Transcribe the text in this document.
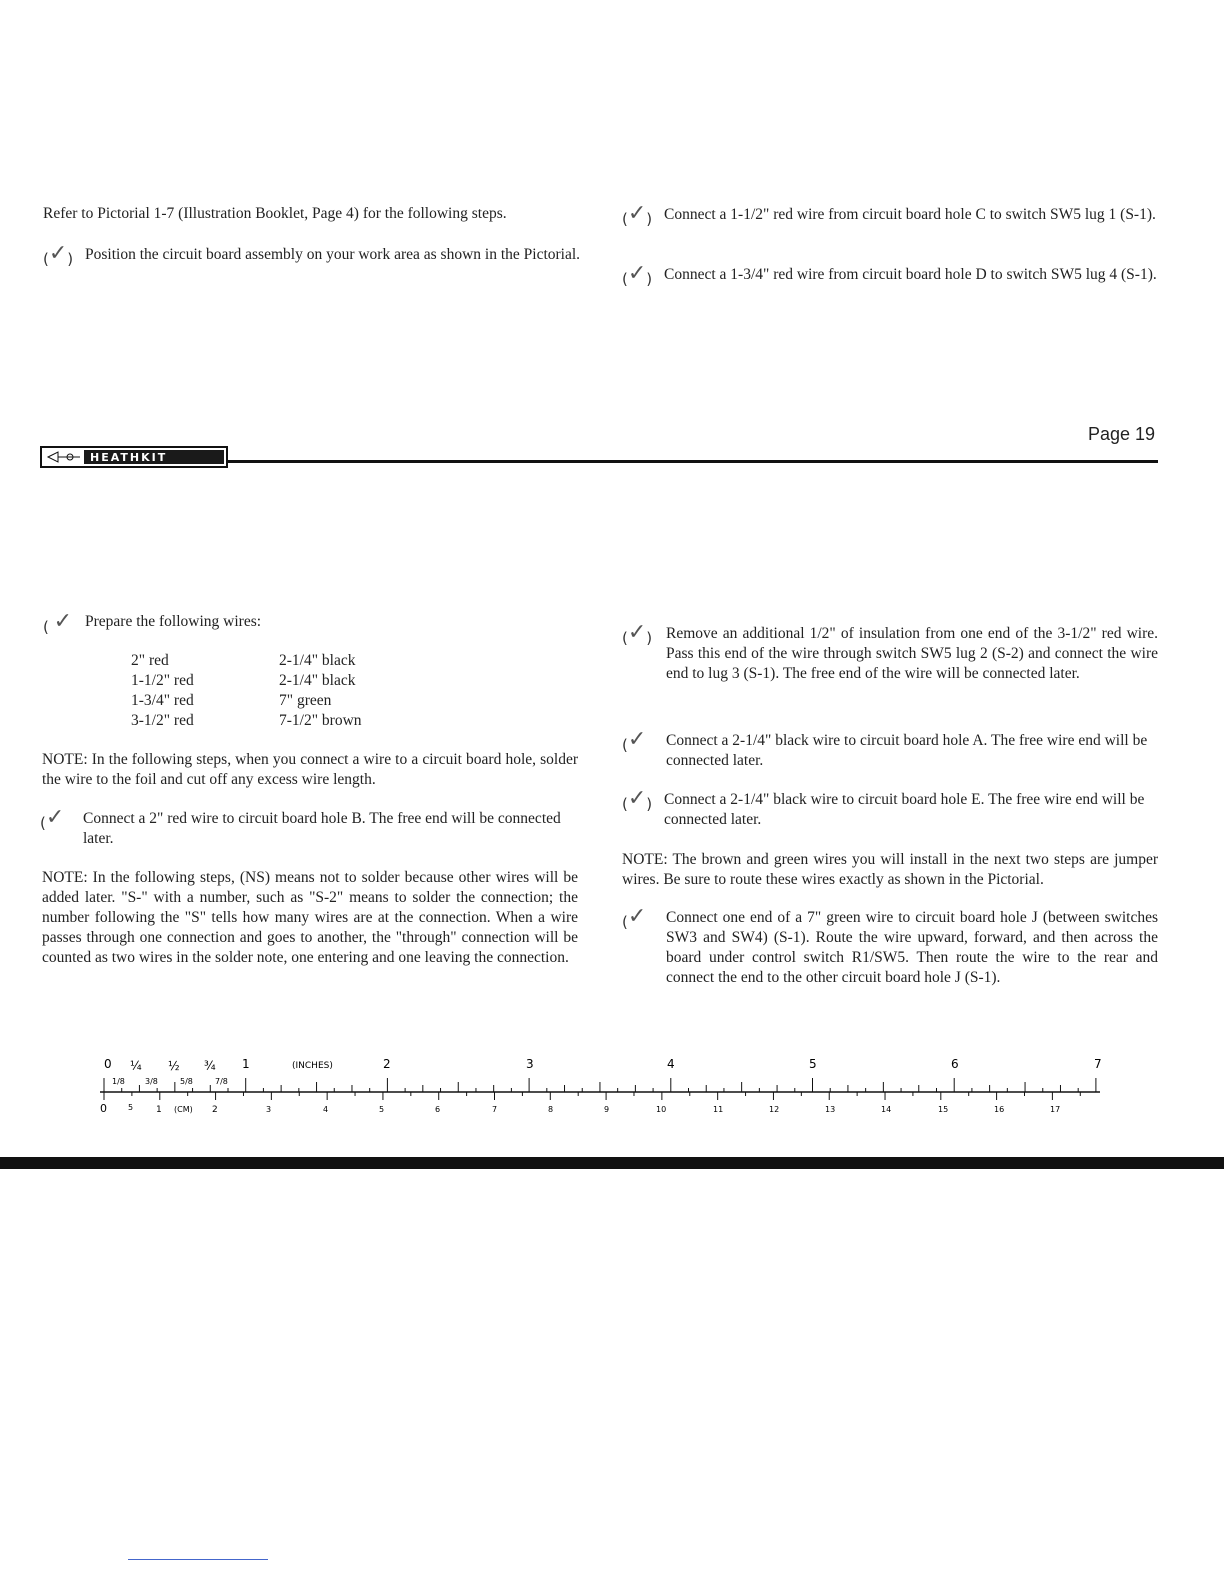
Page 19
HEATHKIT
Refer to Pictorial 1-7 (Illustration Booklet, Page 4) for the following steps.
(✓) Position the circuit board assembly on your work area as shown in the Pictorial.

( ✓ Prepare the following wires:

2" red	2-1/4" black
1-1/2" red	2-1/4" black
1-3/4" red	7" green
3-1/2" red	7-1/2" brown

NOTE: In the following steps, when you connect a wire to a circuit board hole, solder the wire to the foil and cut off any excess wire length.

(✓ Connect a 2" red wire to circuit board hole B. The free end will be connected later.

NOTE: In the following steps, (NS) means not to solder because other wires will be added later. "S-" with a number, such as "S-2" means to solder the connection; the number following the "S" tells how many wires are at the connection. When a wire passes through one connection and goes to another, the "through" connection will be counted as two wires in the solder note, one entering and one leaving the connection.

(✓) Connect a 1-1/2" red wire from circuit board hole C to switch SW5 lug 1 (S-1).

(✓) Connect a 1-3/4" red wire from circuit board hole D to switch SW5 lug 4 (S-1).

(✓) Remove an additional 1/2" of insulation from one end of the 3-1/2" red wire. Pass this end of the wire through switch SW5 lug 2 (S-2) and connect the wire end to lug 3 (S-1). The free end of the wire will be connected later.

(✓ Connect a 2-1/4" black wire to circuit board hole A. The free wire end will be connected later.

(✓) Connect a 2-1/4" black wire to circuit board hole E. The free wire end will be connected later.

NOTE: The brown and green wires you will install in the next two steps are jumper wires. Be sure to route these wires exactly as shown in the Pictorial.

(✓ Connect one end of a 7" green wire to circuit board hole J (between switches SW3 and SW4) (S-1). Route the wire upward, forward, and then across the board under control switch R1/SW5. Then route the wire to the rear and connect the end to the other circuit board hole J (S-1).

0 ¼ ½ ¾ 1	(INCHES)	2	3	4	5	6	7
1/8	3/8	5/8	7/8
0	5	1 (CM) 2	3	4	5	6	7	8	9	10	11	12	13	14	15	16	17
